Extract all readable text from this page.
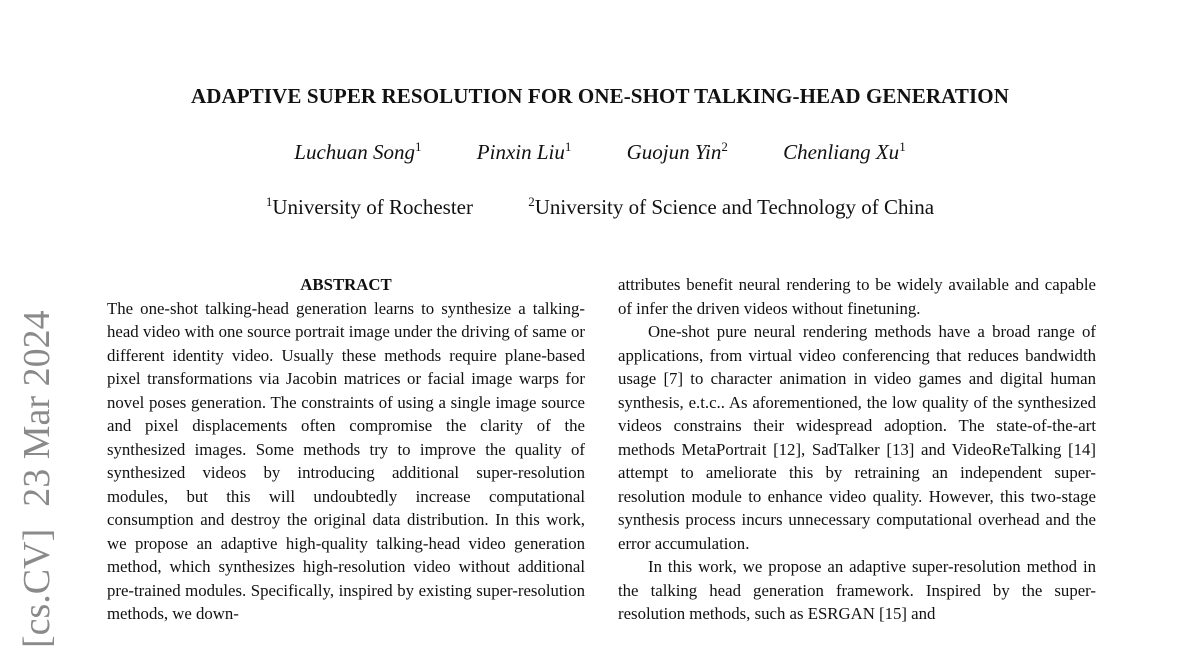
ADAPTIVE SUPER RESOLUTION FOR ONE-SHOT TALKING-HEAD GENERATION
Luchuan Song$^1$	Pinxin Liu$^1$	Guojun Yin$^2$	Chenliang Xu$^1$
$^1$University of Rochester	$^2$University of Science and Technology of China
[cs.CV]23 Mar 2024
ABSTRACT

The one-shot talking-head generation learns to synthesize a talking-head video with one source portrait image under the driving of same or different identity video. Usually these methods require plane-based pixel transformations via Jacobin matrices or facial image warps for novel poses generation. The constraints of using a single image source and pixel displacements often compromise the clarity of the synthesized images. Some methods try to improve the quality of synthesized videos by introducing additional super-resolution modules, but this will undoubtedly increase computational consumption and destroy the original data distribution. In this work, we propose an adaptive high-quality talking-head video generation method, which synthesizes high-resolution video without additional pre-trained modules. Specifically, inspired by existing super-resolution methods, we down-

attributes benefit neural rendering to be widely available and capable of infer the driven videos without finetuning.

One-shot pure neural rendering methods have a broad range of applications, from virtual video conferencing that reduces bandwidth usage [7] to character animation in video games and digital human synthesis, e.t.c.. As aforementioned, the low quality of the synthesized videos constrains their widespread adoption. The state-of-the-art methods MetaPortrait [12], SadTalker [13] and VideoReTalking [14] attempt to ameliorate this by retraining an independent super-resolution module to enhance video quality. However, this two-stage synthesis process incurs unnecessary computational overhead and the error accumulation.

In this work, we propose an adaptive super-resolution method in the talking head generation framework. Inspired by the super-resolution methods, such as ESRGAN [15] and
